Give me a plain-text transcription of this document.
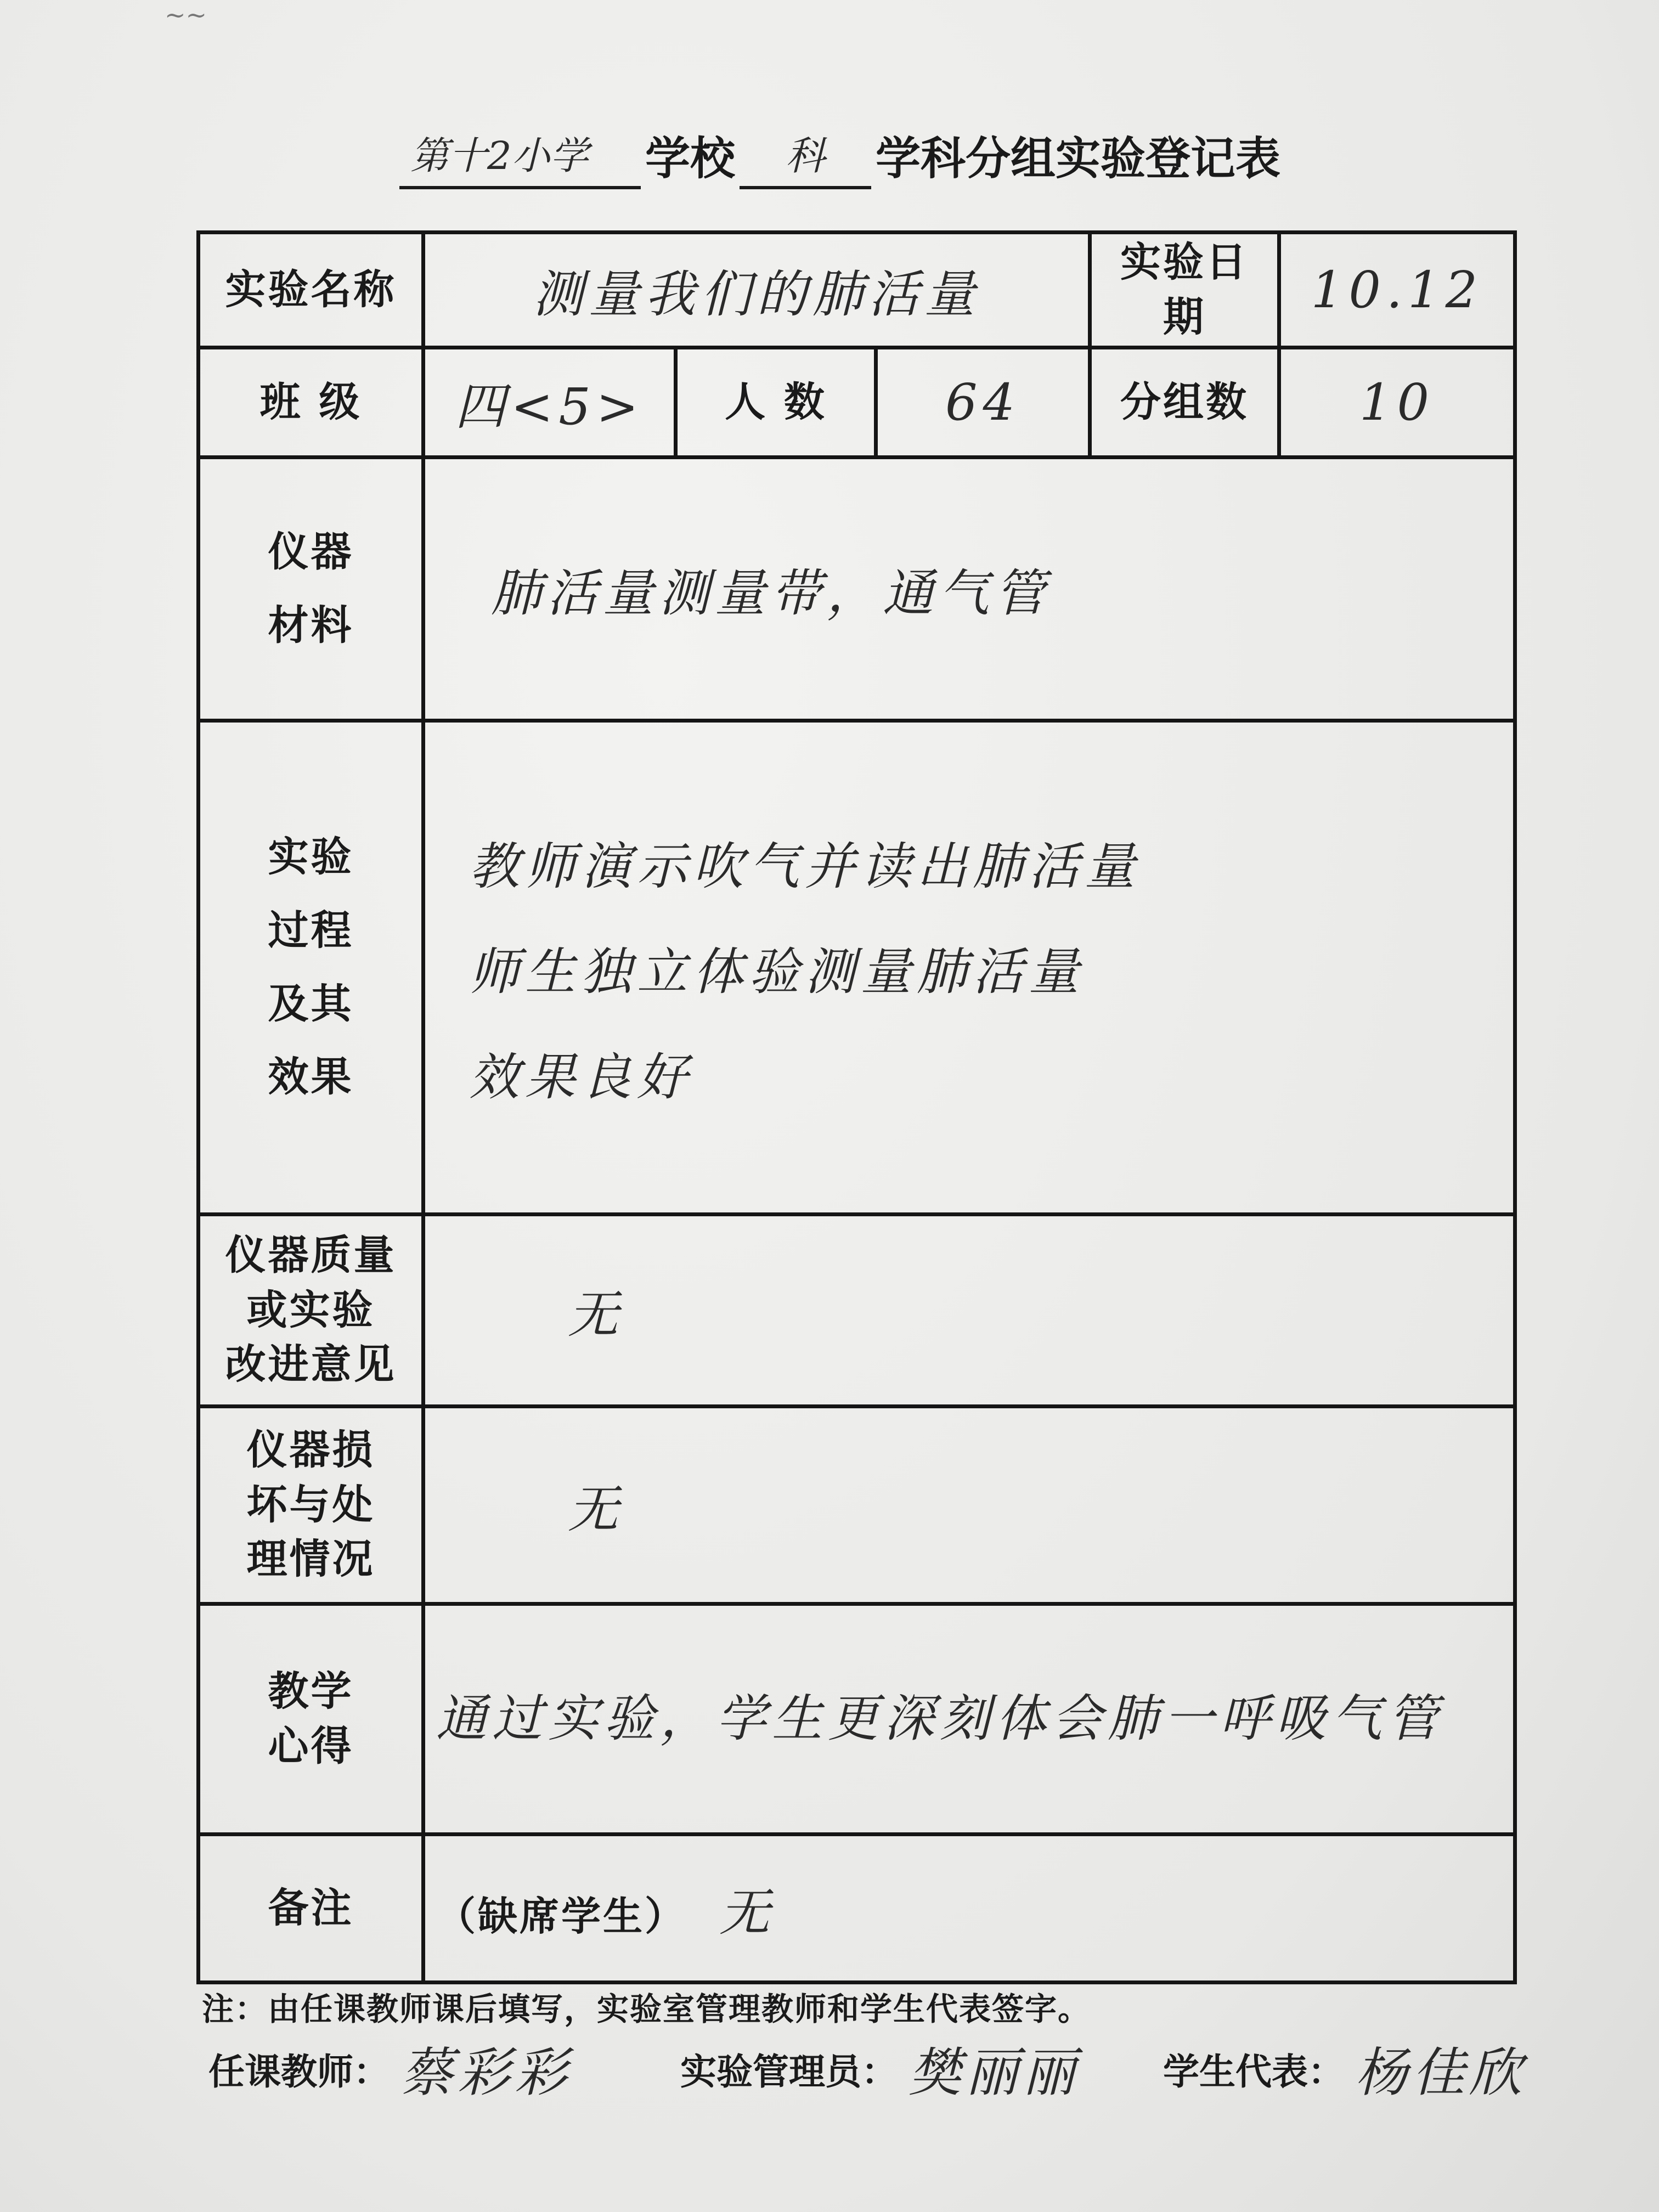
~~
第十2小学	学校	科	学科分组实验登记表
实验名称	测量我们的肺活量			实验日期	10.12
班 级	四<5>	人 数	64	分组数	10

仪器
材料	肺活量测量带，通气管				

实验
过程
及其
效果	教师演示吹气并读出肺活量
师生独立体验测量肺活量
效果良好				

仪器质量
或实验
改进意见	无				

仪器损
坏与处
理情况	无				

教学
心得	通过实验，学生更深刻体会肺一呼吸气管				
备注	（缺席学生） 无				
注：由任课教师课后填写，实验室管理教师和学生代表签字。
任课教师： 蔡彩彩	实验管理员： 樊丽丽 学生代表： 杨佳欣
